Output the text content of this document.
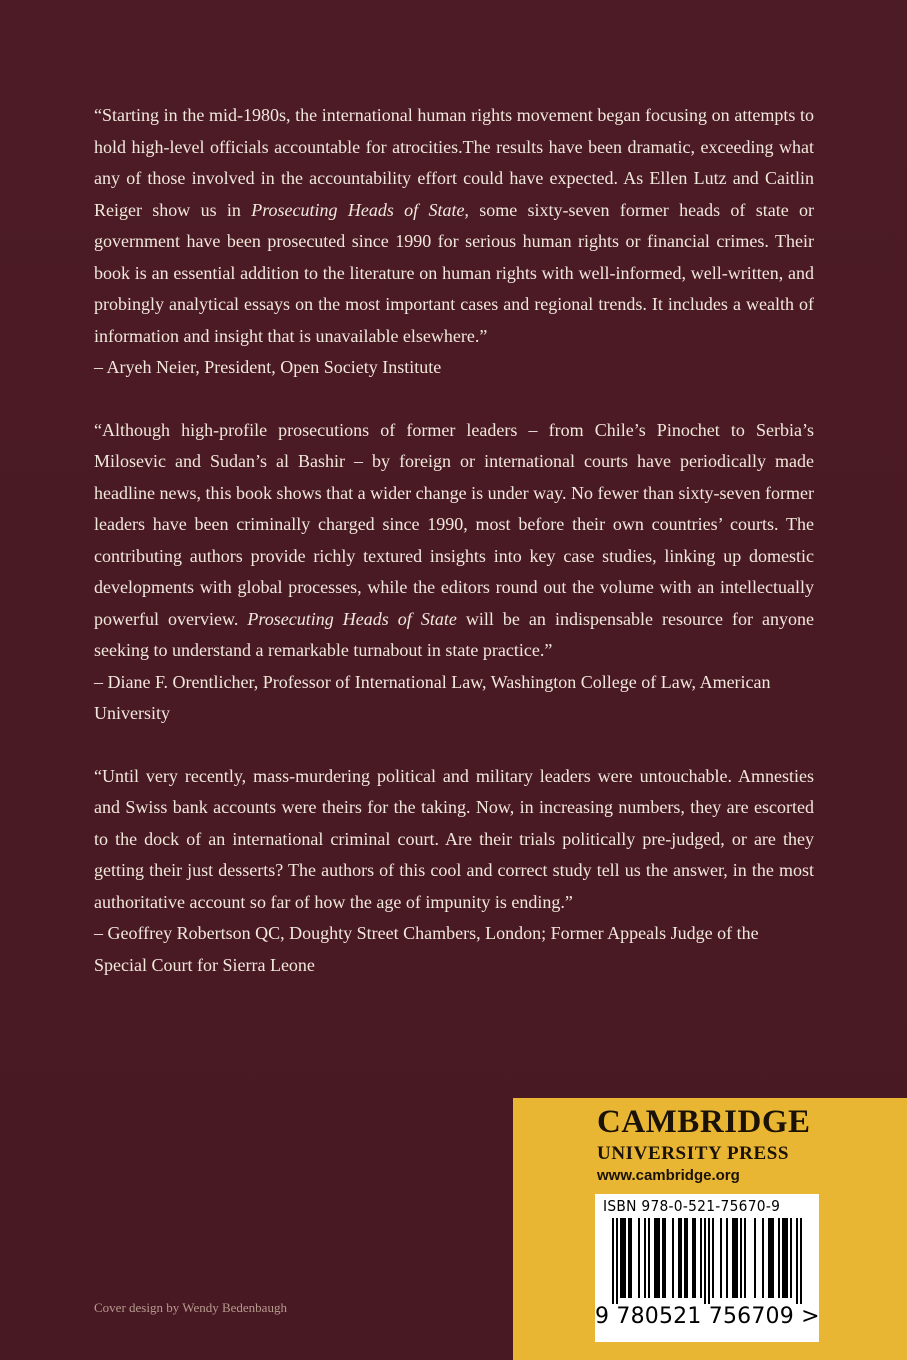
“Starting in the mid-1980s, the international human rights movement began focusing on attempts to hold high-level officials accountable for atrocities.The results have been dramatic, exceeding what any of those involved in the accountability effort could have expected. As Ellen Lutz and Caitlin Reiger show us in Prosecuting Heads of State, some sixty-seven former heads of state or government have been prosecuted since 1990 for serious human rights or financial crimes. Their book is an essential addition to the literature on human rights with well-informed, well-written, and probingly analytical essays on the most important cases and regional trends. It includes a wealth of information and insight that is unavailable elsewhere.”

– Aryeh Neier, President, Open Society Institute

“Although high-profile prosecutions of former leaders – from Chile’s Pinochet to Serbia’s Milosevic and Sudan’s al Bashir – by foreign or international courts have periodically made headline news, this book shows that a wider change is under way. No fewer than sixty-seven former leaders have been criminally charged since 1990, most before their own countries’ courts. The contributing authors provide richly textured insights into key case studies, linking up domestic developments with global processes, while the editors round out the volume with an intellectually powerful overview. Prosecuting Heads of State will be an indispensable resource for anyone seeking to understand a remarkable turnabout in state practice.”

– Diane F. Orentlicher, Professor of International Law, Washington College of Law, American University

“Until very recently, mass-murdering political and military leaders were untouchable. Amnesties and Swiss bank accounts were theirs for the taking. Now, in increasing numbers, they are escorted to the dock of an international criminal court. Are their trials politically pre-judged, or are they getting their just desserts? The authors of this cool and correct study tell us the answer, in the most authoritative account so far of how the age of impunity is ending.”

– Geoffrey Robertson QC, Doughty Street Chambers, London; Former Appeals Judge of the Special Court for Sierra Leone

Cover design by Wendy Bedenbaugh
CAMBRIDGE
UNIVERSITY PRESS
www.cambridge.org
ISBN 978-0-521-75670-9
9 780521 756709 >
